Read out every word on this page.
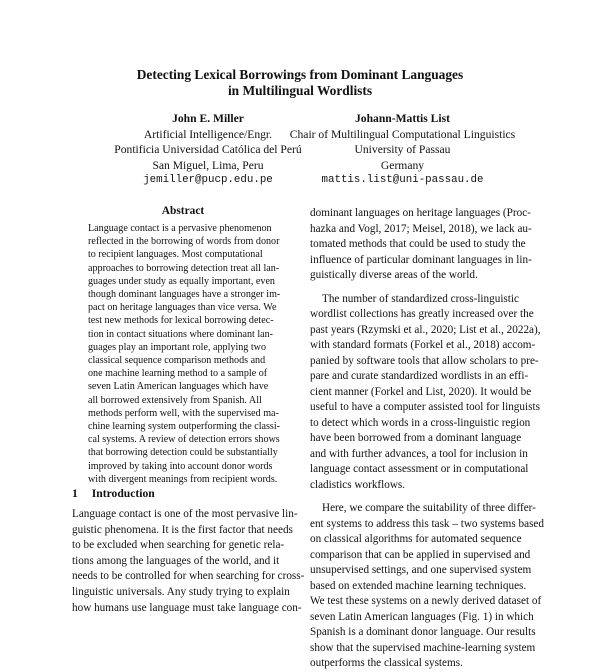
Detecting Lexical Borrowings from Dominant Languages
in Multilingual Wordlists
John E. Miller
Artificial Intelligence/Engr.
Pontificia Universidad Católica del Perú
San Miguel, Lima, Peru
jemiller@pucp.edu.pe
Johann-Mattis List
Chair of Multilingual Computational Linguistics
University of Passau
Germany
mattis.list@uni-passau.de
Abstract
Language contact is a pervasive phenomenon
reflected in the borrowing of words from donor
to recipient languages. Most computational
approaches to borrowing detection treat all lan-
guages under study as equally important, even
though dominant languages have a stronger im-
pact on heritage languages than vice versa. We
test new methods for lexical borrowing detec-
tion in contact situations where dominant lan-
guages play an important role, applying two
classical sequence comparison methods and
one machine learning method to a sample of
seven Latin American languages which have
all borrowed extensively from Spanish. All
methods perform well, with the supervised ma-
chine learning system outperforming the classi-
cal systems. A review of detection errors shows
that borrowing detection could be substantially
improved by taking into account donor words
with divergent meanings from recipient words.
1 Introduction
Language contact is one of the most pervasive lin-
guistic phenomena. It is the first factor that needs
to be excluded when searching for genetic rela-
tions among the languages of the world, and it
needs to be controlled for when searching for cross-
linguistic universals. Any study trying to explain
how humans use language must take language con-
dominant languages on heritage languages (Proc-
hazka and Vogl, 2017; Meisel, 2018), we lack au-
tomated methods that could be used to study the
influence of particular dominant languages in lin-
guistically diverse areas of the world.
The number of standardized cross-linguistic
wordlist collections has greatly increased over the
past years (Rzymski et al., 2020; List et al., 2022a),
with standard formats (Forkel et al., 2018) accom-
panied by software tools that allow scholars to pre-
pare and curate standardized wordlists in an effi-
cient manner (Forkel and List, 2020). It would be
useful to have a computer assisted tool for linguists
to detect which words in a cross-linguistic region
have been borrowed from a dominant language
and with further advances, a tool for inclusion in
language contact assessment or in computational
cladistics workflows.
Here, we compare the suitability of three differ-
ent systems to address this task – two systems based
on classical algorithms for automated sequence
comparison that can be applied in supervised and
unsupervised settings, and one supervised system
based on extended machine learning techniques.
We test these systems on a newly derived dataset of
seven Latin American languages (Fig. 1) in which
Spanish is a dominant donor language. Our results
show that the supervised machine-learning system
outperforms the classical systems.
